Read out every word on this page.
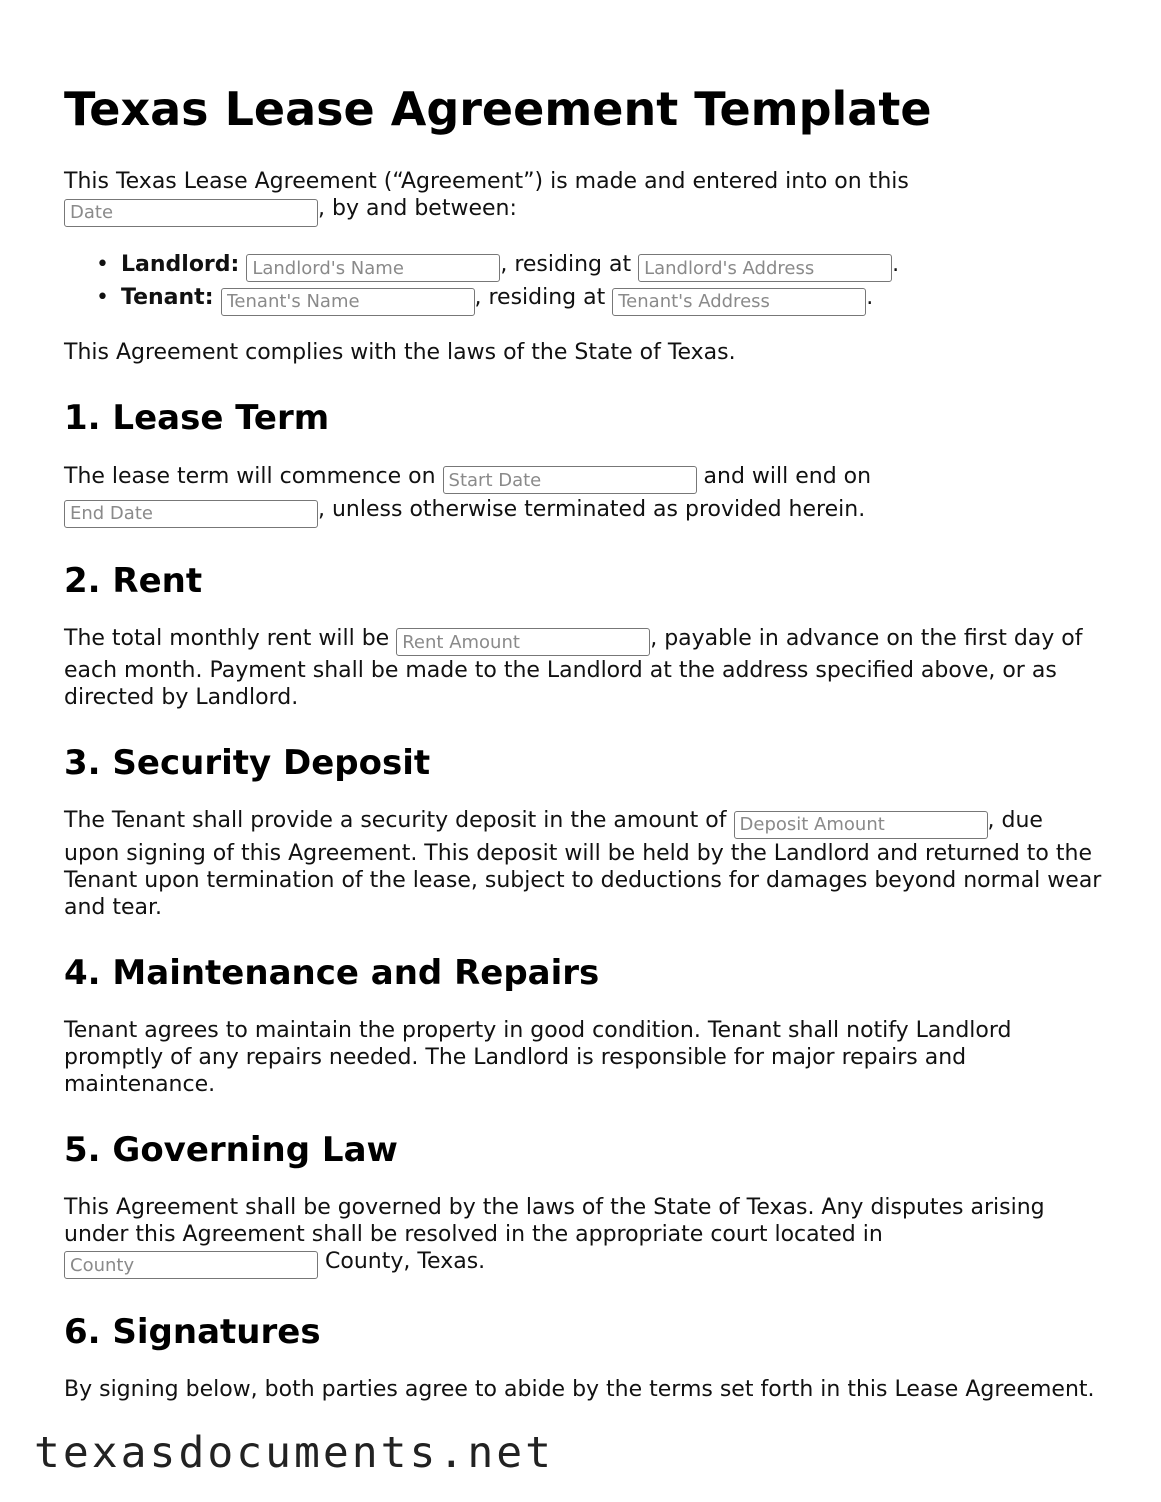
Texas Lease Agreement Template

This Texas Lease Agreement (“Agreement”) is made and entered into on this
Date, by and between:

• Landlord: Landlord's Name	, residing at Landlord's Address	.
• Tenant: Tenant's Name	, residing at Tenant's Address	.

This Agreement complies with the laws of the State of Texas.

1. Lease Term

The lease term will commence on Start Date	and will end on
End Date, unless otherwise terminated as provided herein.

2. Rent

The total monthly rent will be Rent Amount	, payable in advance on the first day of each month. Payment shall be made to the Landlord at the address specified above, or as directed by Landlord.

3. Security Deposit

The Tenant shall provide a security deposit in the amount of Deposit Amount	, due upon signing of this Agreement. This deposit will be held by the Landlord and returned to the Tenant upon termination of the lease, subject to deductions for damages beyond normal wear and tear.

4. Maintenance and Repairs

Tenant agrees to maintain the property in good condition. Tenant shall notify Landlord promptly of any repairs needed. The Landlord is responsible for major repairs and maintenance.

5. Governing Law

This Agreement shall be governed by the laws of the State of Texas. Any disputes arising under this Agreement shall be resolved in the appropriate court located in
County County, Texas.

6. Signatures

By signing below, both parties agree to abide by the terms set forth in this Lease Agreement.

texasdocuments.net
